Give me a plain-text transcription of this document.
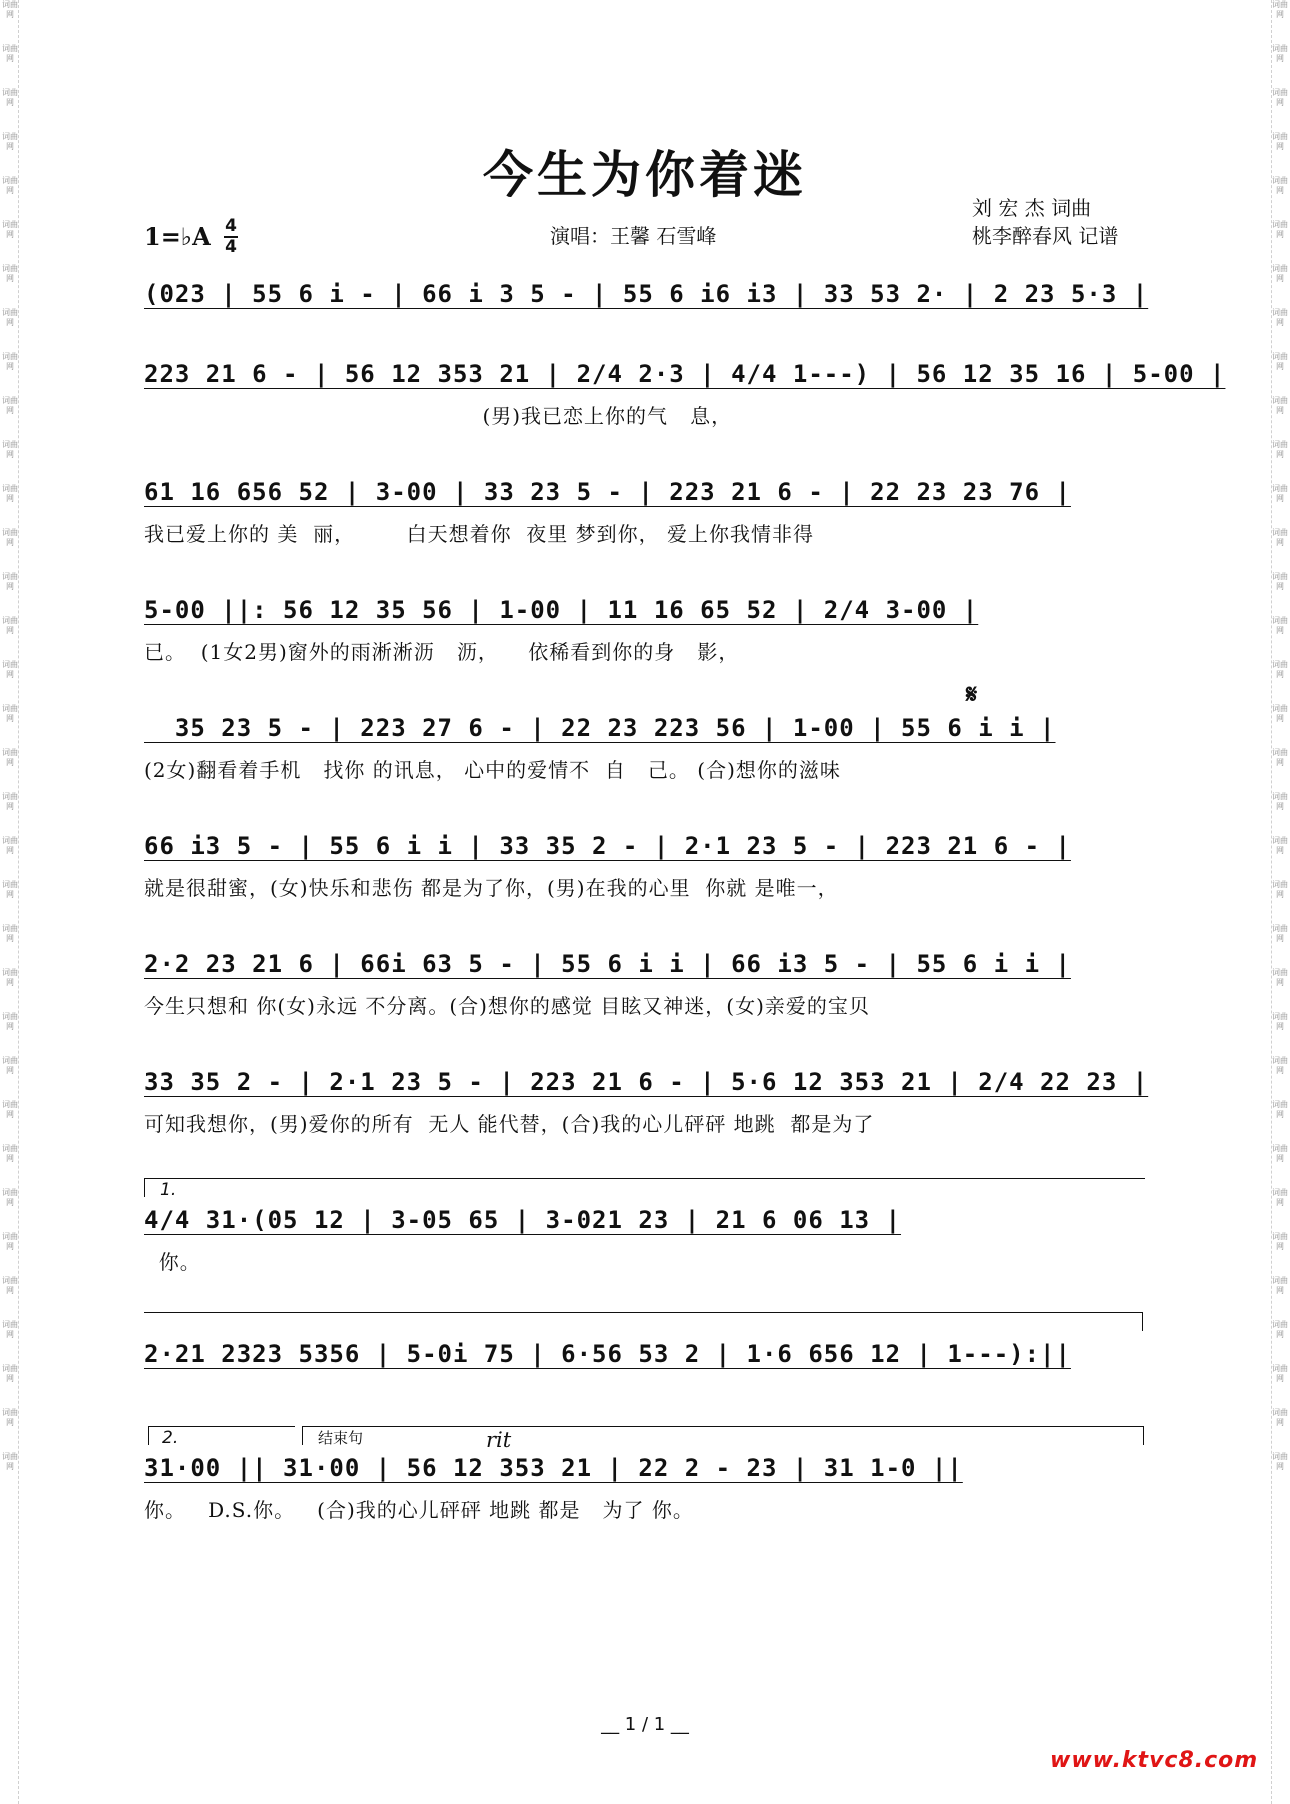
词曲网
词曲网
词曲网
词曲网
词曲网
词曲网
词曲网
词曲网
词曲网
词曲网
词曲网
词曲网
词曲网
词曲网
词曲网
词曲网
词曲网
词曲网
词曲网
词曲网
词曲网
词曲网
词曲网
词曲网
词曲网
词曲网
词曲网
词曲网
词曲网
词曲网
词曲网
词曲网
词曲网
词曲网
词曲网
词曲网
词曲网
词曲网
词曲网
词曲网
词曲网
词曲网
词曲网
词曲网
词曲网
词曲网
词曲网
词曲网
词曲网
词曲网
词曲网
词曲网
词曲网
词曲网
词曲网
词曲网
词曲网
词曲网
词曲网
词曲网
词曲网
词曲网
词曲网
词曲网
词曲网
词曲网
词曲网
词曲网
今生为你着迷
刘 宏 杰 词曲
演唱：王馨 石雪峰	桃李醉春风 记谱
1=♭A 4
4
𝄋
(023 | 55 6 i - | 66 i 3 5 - | 55 6 i6 i3 | 33 53 2· | 2 23 5·3 |
223 21 6 - | 56 12 353 21 | 2/4 2·3 | 4/4 1---) | 56 12 35 16 | 5-00 |
(男)我已恋上你的气   息，
61 16 656 52 | 3-00 | 33 23 5 - | 223 21 6 - | 22 23 23 76 |
我已爱上你的 美  丽，       白天想着你  夜里 梦到你， 爱上你我情非得
5-00 ||: 56 12 35 56 | 1-00 | 11 16 65 52 | 2/4 3-00 |
已。  (1女2男)窗外的雨淅淅沥   沥，    依稀看到你的身   影，
35 23 5 - | 223 27 6 - | 22 23 223 56 | 1-00 | 55 6 i i |
(2女)翻看着手机   找你 的讯息， 心中的爱情不  自   己。 (合)想你的滋味
66 i3 5 - | 55 6 i i | 33 35 2 - | 2·1 23 5 - | 223 21 6 - |
就是很甜蜜，(女)快乐和悲伤 都是为了你，(男)在我的心里  你就 是唯一，
2·2 23 21 6 | 66i 63 5 - | 55 6 i i | 66 i3 5 - | 55 6 i i |
今生只想和 你(女)永远 不分离。(合)想你的感觉 目眩又神迷，(女)亲爱的宝贝
33 35 2 - | 2·1 23 5 - | 223 21 6 - | 5·6 12 353 21 | 2/4 22 23 |
可知我想你，(男)爱你的所有  无人 能代替，(合)我的心儿砰砰 地跳  都是为了
1.
4/4 31·(05 12 | 3-05 65 | 3-021 23 | 21 6 06 13 |
你。
2·21 2323 5356 | 5-0i 75 | 6·56 53 2 | 1·6 656 12 | 1---):||
2.	结束句	rit
31·00 || 31·00 | 56 12 353 21 | 22 2 - 23 | 31 1-0 ||
你。   D.S.你。   (合)我的心儿砰砰 地跳 都是   为了 你。
__ 1 / 1 __
www.ktvc8.com
